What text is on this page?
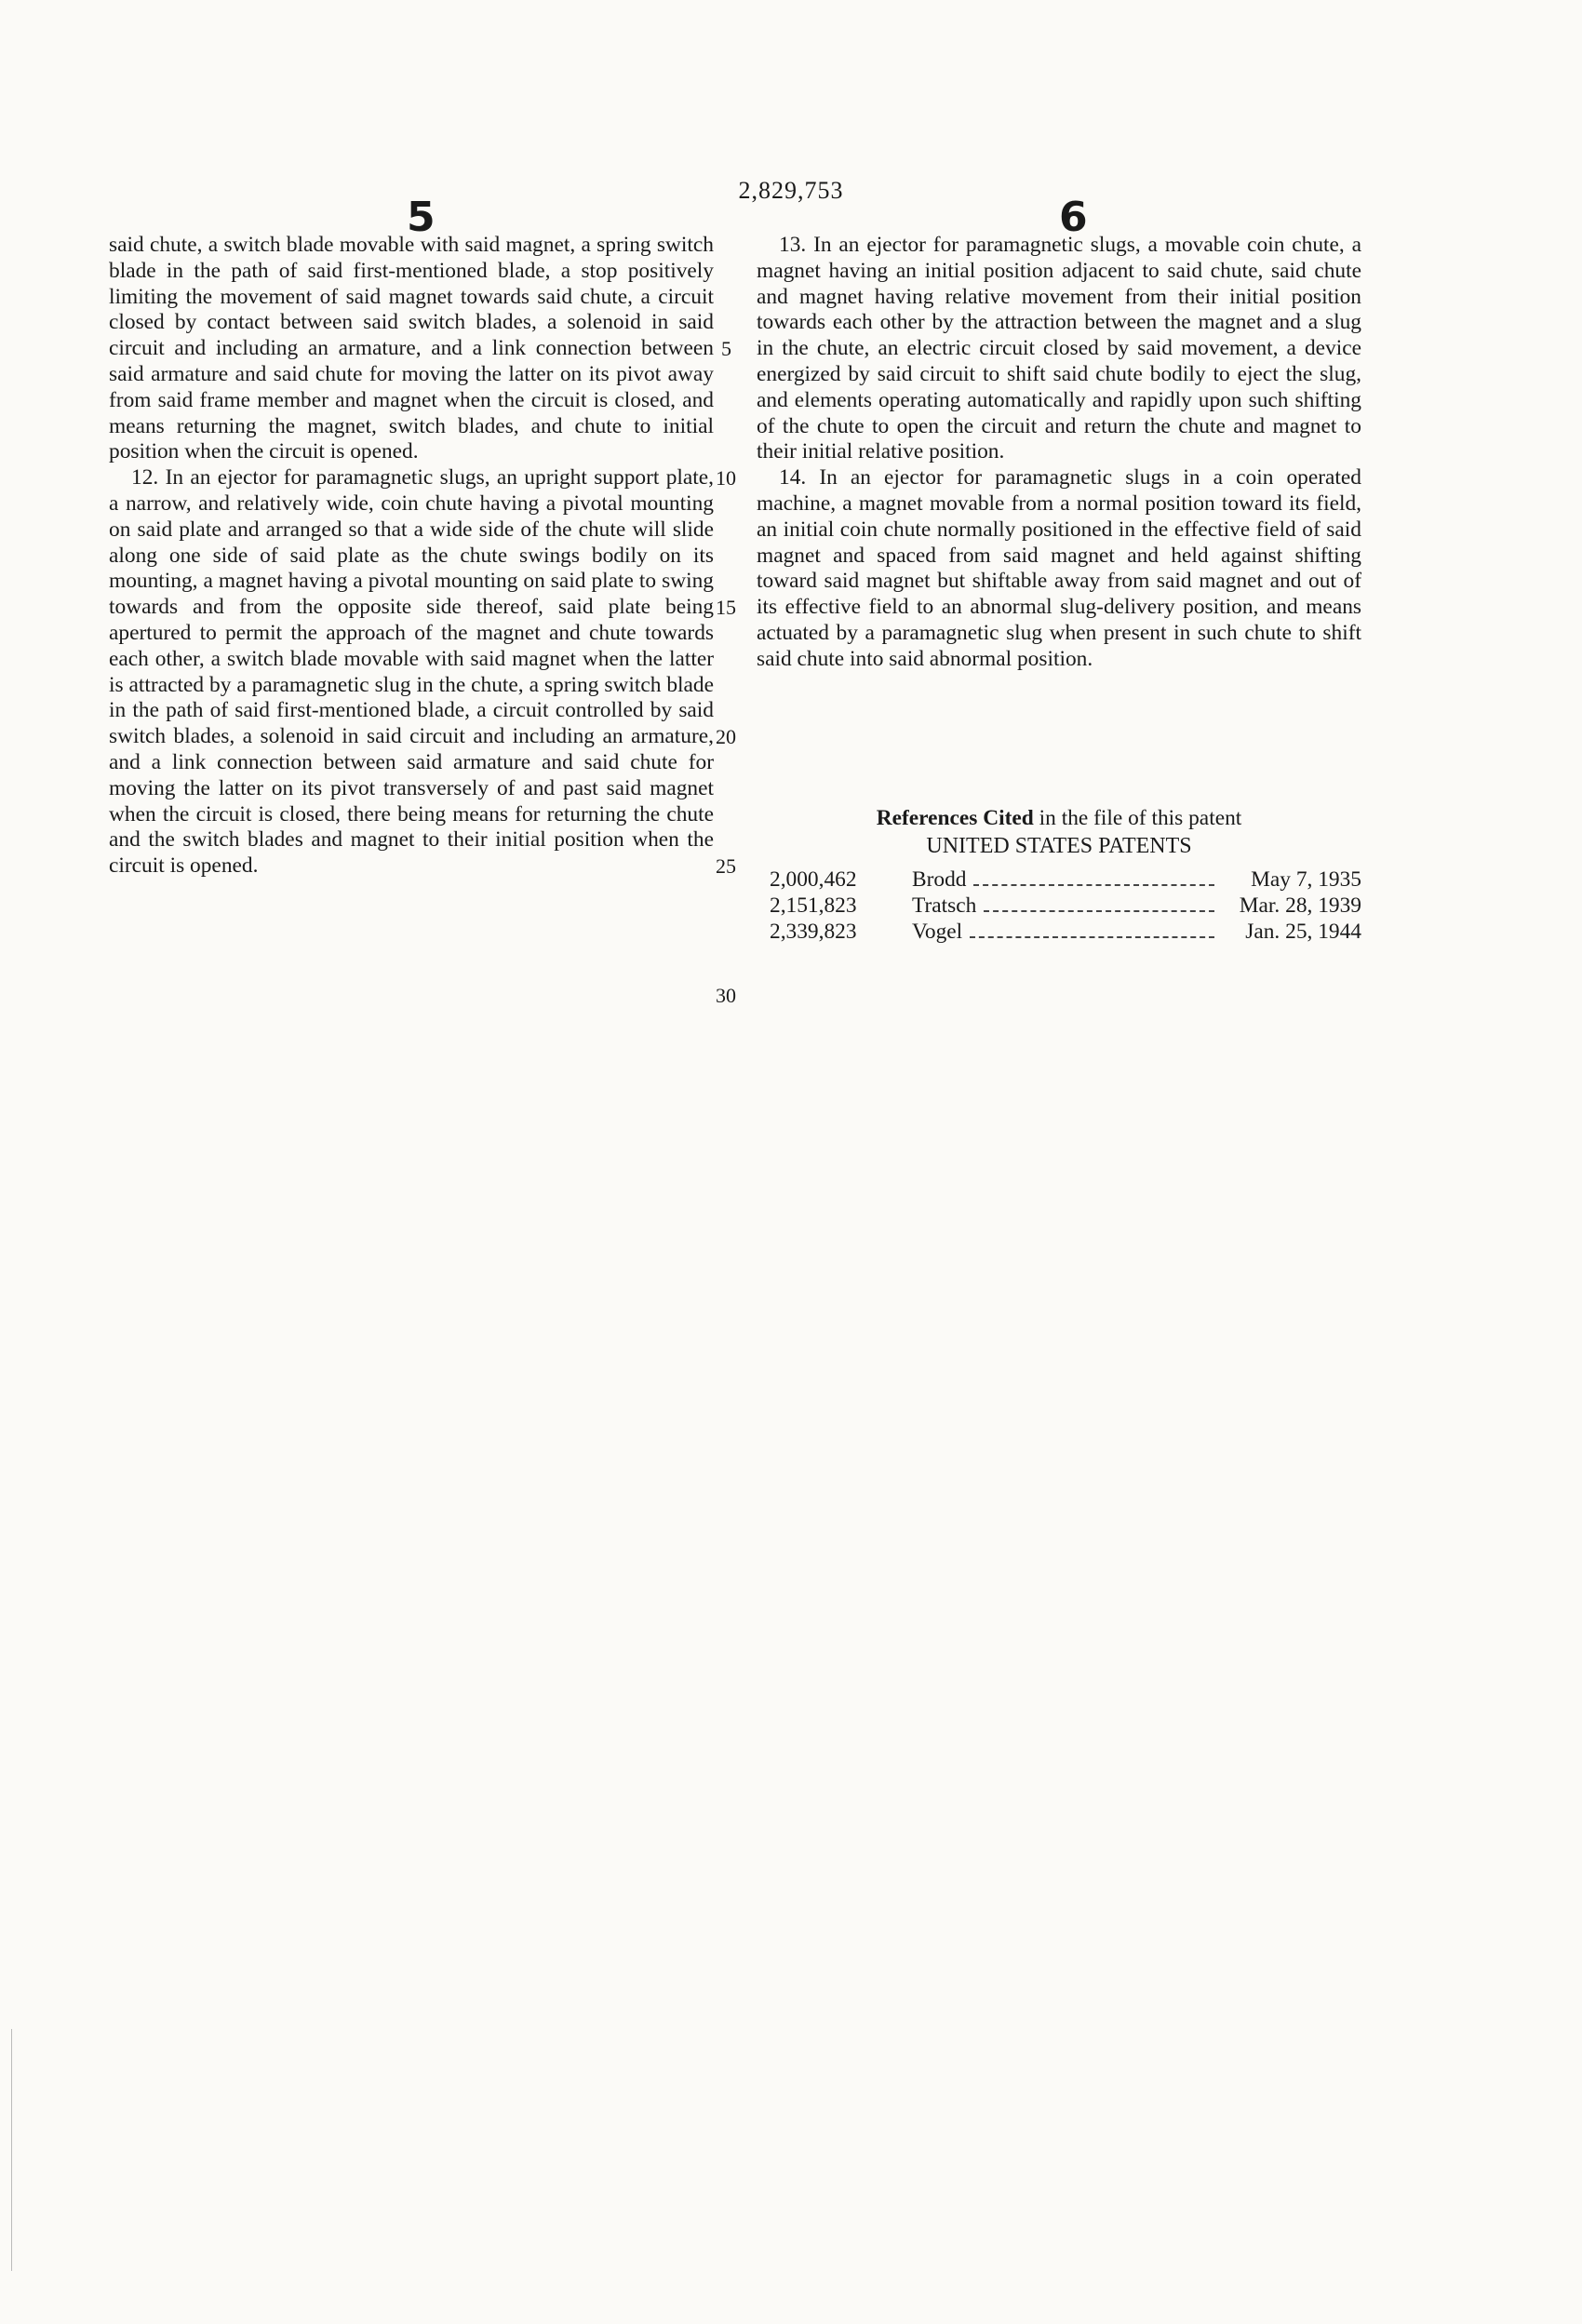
2,829,753
5	6

said chute, a switch blade movable with said magnet, a spring switch blade in the path of said first-mentioned blade, a stop positively limiting the movement of said magnet towards said chute, a circuit closed by contact between said switch blades, a solenoid in said circuit and including an armature, and a link connection between said armature and said chute for moving the latter on its pivot away from said frame member and magnet when the circuit is closed, and means returning the magnet, switch blades, and chute to initial position when the circuit is opened.

12. In an ejector for paramagnetic slugs, an upright support plate, a narrow, and relatively wide, coin chute having a pivotal mounting on said plate and arranged so that a wide side of the chute will slide along one side of said plate as the chute swings bodily on its mounting, a magnet having a pivotal mounting on said plate to swing towards and from the opposite side thereof, said plate being apertured to permit the approach of the magnet and chute towards each other, a switch blade movable with said magnet when the latter is attracted by a paramagnetic slug in the chute, a spring switch blade in the path of said first-mentioned blade, a circuit controlled by said switch blades, a solenoid in said circuit and including an armature, and a link connection between said armature and said chute for moving the latter on its pivot transversely of and past said magnet when the circuit is closed, there being means for returning the chute and the switch blades and magnet to their initial position when the circuit is opened.

5
10
15
20
25
30

13. In an ejector for paramagnetic slugs, a movable coin chute, a magnet having an initial position adjacent to said chute, said chute and magnet having relative movement from their initial position towards each other by the attraction between the magnet and a slug in the chute, an electric circuit closed by said movement, a device energized by said circuit to shift said chute bodily to eject the slug, and elements operating automatically and rapidly upon such shifting of the chute to open the circuit and return the chute and magnet to their initial relative position.

14. In an ejector for paramagnetic slugs in a coin operated machine, a magnet movable from a normal position toward its field, an initial coin chute normally positioned in the effective field of said magnet and spaced from said magnet and held against shifting toward said magnet but shiftable away from said magnet and out of its effective field to an abnormal slug-delivery position, and means actuated by a paramagnetic slug when present in such chute to shift said chute into said abnormal position.

References Cited in the file of this patent
UNITED STATES PATENTS
2,000,462	Brodd	May 7, 1935
2,151,823	Tratsch	Mar. 28, 1939
2,339,823	Vogel	Jan. 25, 1944
